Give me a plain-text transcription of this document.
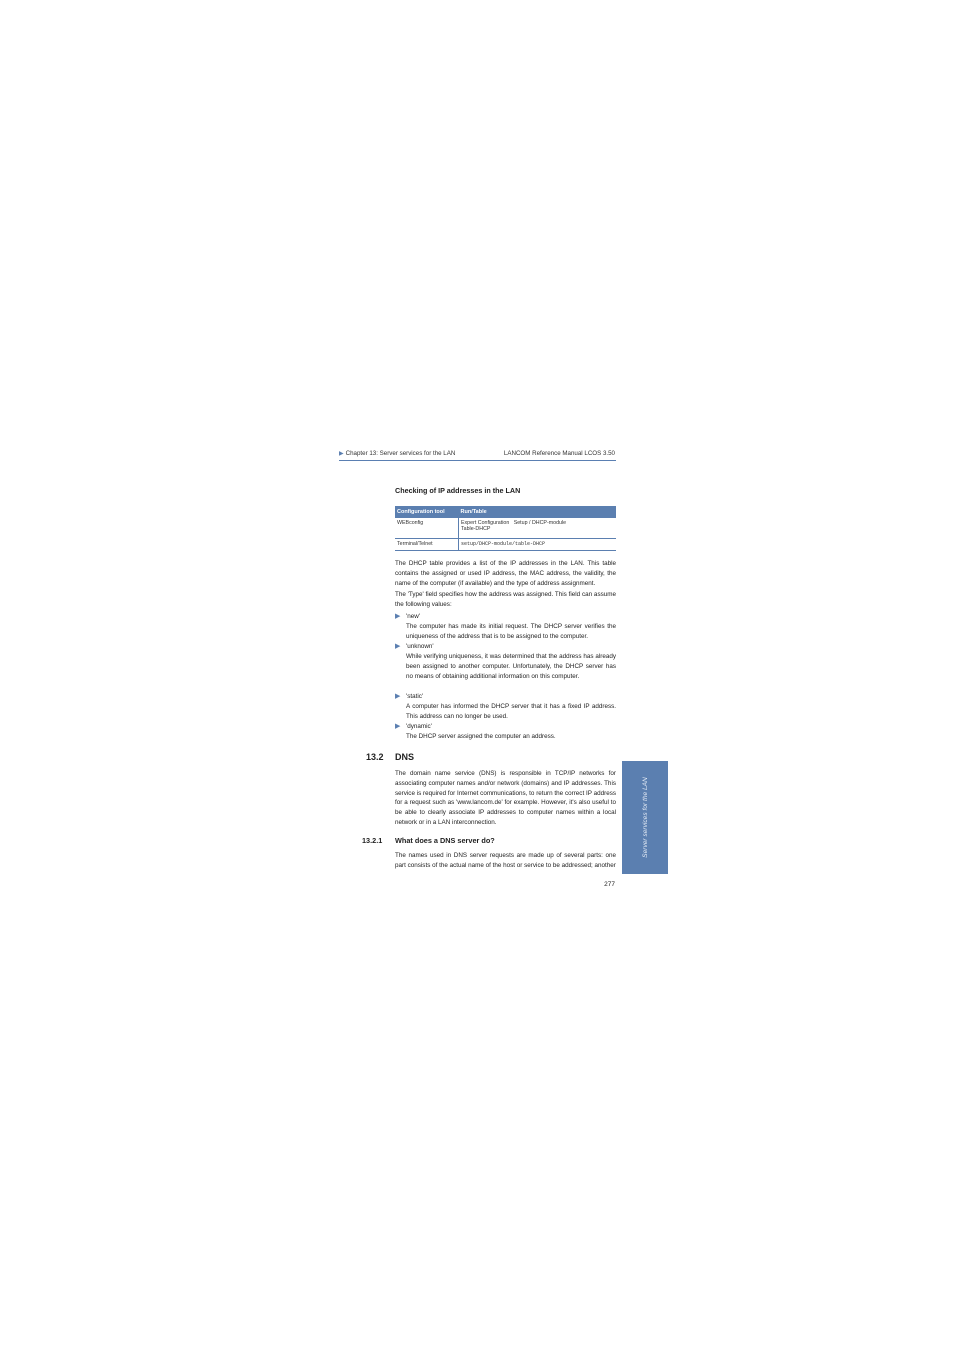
▶ Chapter 13: Server services for the LAN	LANCOM Reference Manual LCOS 3.50
Checking of IP addresses in the LAN
Configuration tool	Run/Table
WEBconfig	Expert Configuration   Setup / DHCP-module
Table-DHCP

Terminal/Telnet	setup/DHCP-module/table-DHCP
The DHCP table provides a list of the IP addresses in the LAN. This table contains the assigned or used IP address, the MAC address, the validity, the name of the computer (if available) and the type of address assignment.
The 'Type' field specifies how the address was assigned. This field can assume the following values:
▶ 'new'
The computer has made its initial request. The DHCP server verifies the uniqueness of the address that is to be assigned to the computer.
▶ 'unknown'
While verifying uniqueness, it was determined that the address has already been assigned to another computer. Unfortunately, the DHCP server has no means of obtaining additional information on this computer.
▶ 'static'
A computer has informed the DHCP server that it has a fixed IP address. This address can no longer be used.
▶ 'dynamic'
The DHCP server assigned the computer an address.
13.2 DNS
The domain name service (DNS) is responsible in TCP/IP networks for associating computer names and/or network (domains) and IP addresses. This service is required for Internet communications, to return the correct IP address for a request such as 'www.lancom.de' for example. However, it's also useful to be able to clearly associate IP addresses to computer names within a local network or in a LAN interconnection.
13.2.1 What does a DNS server do?
The names used in DNS server requests are made up of several parts: one part consists of the actual name of the host or service to be addressed; another
277
Server services for the LAN
